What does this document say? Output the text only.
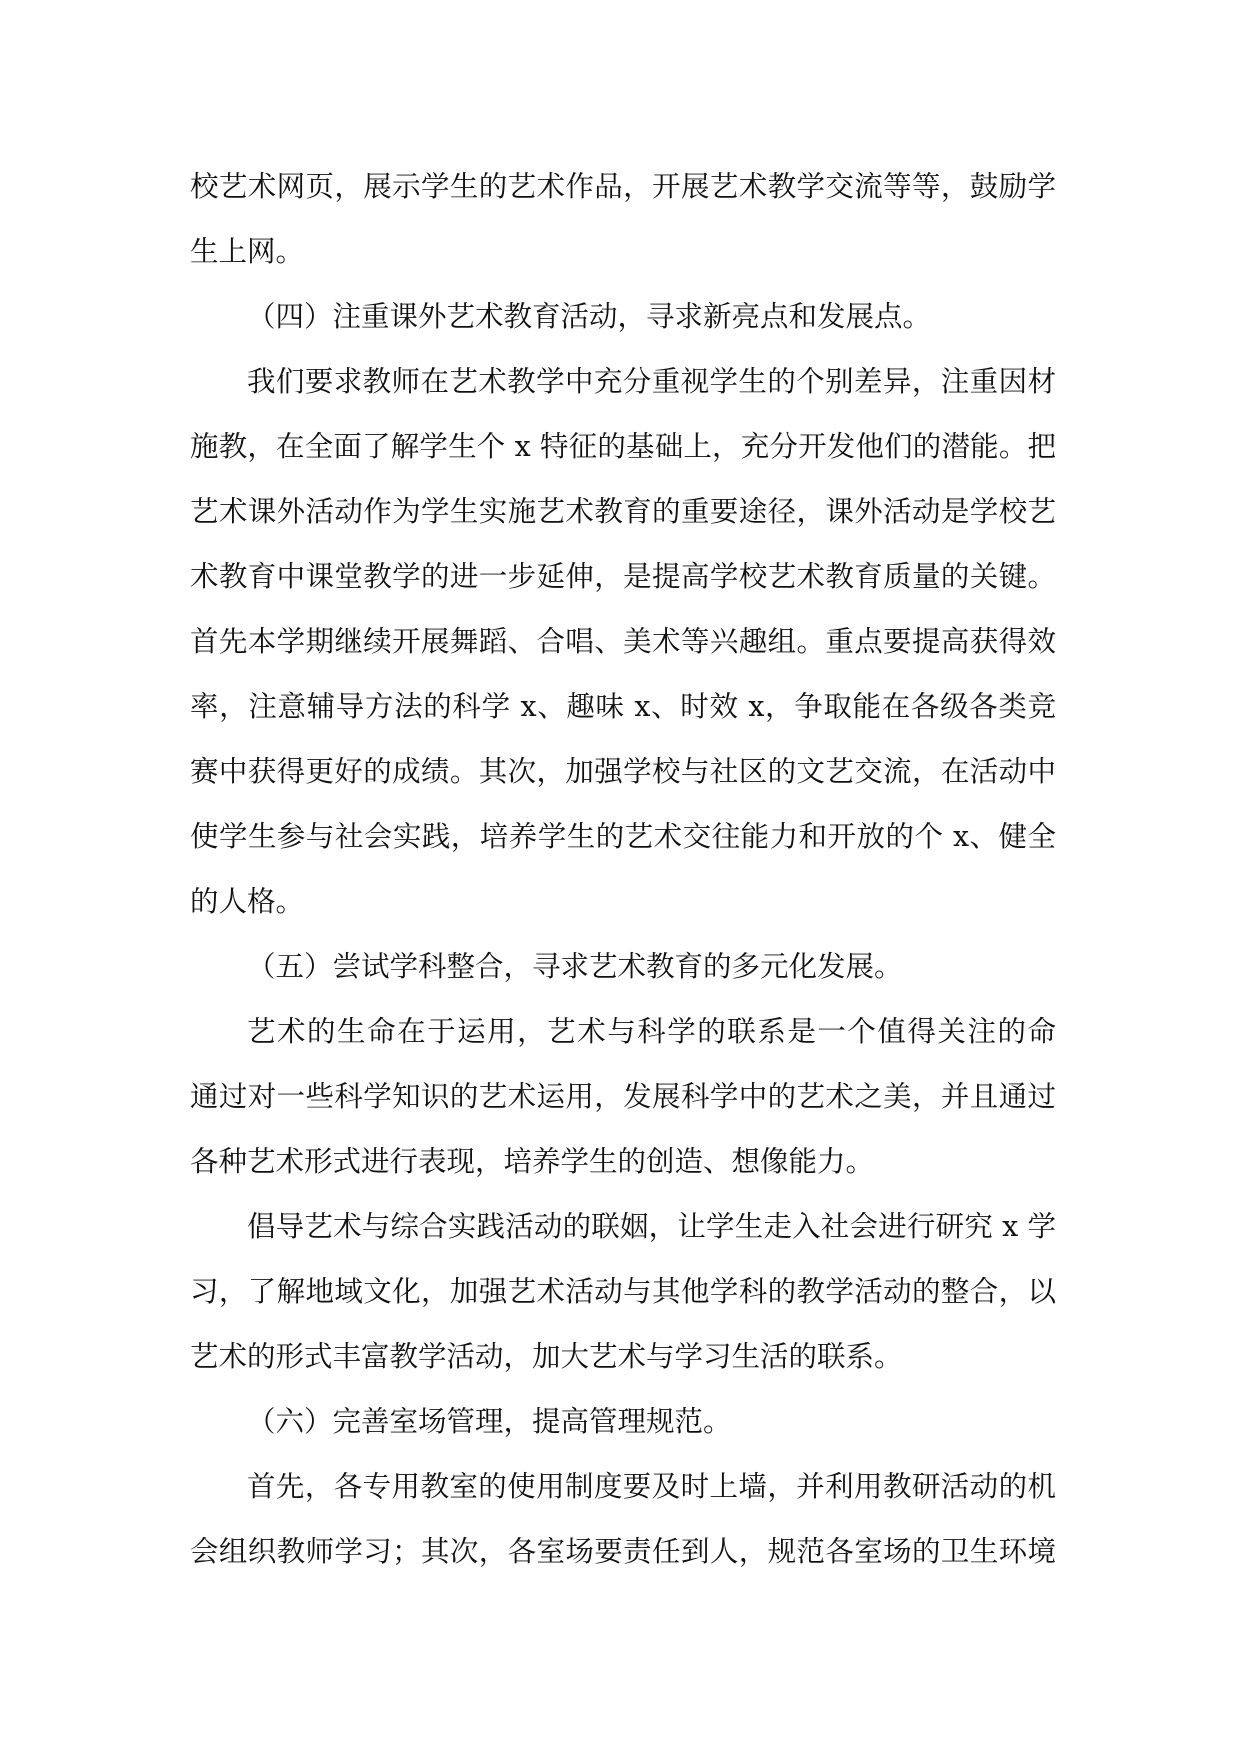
校艺术网页，展示学生的艺术作品，开展艺术教学交流等等，鼓励学
生上网。
（四）注重课外艺术教育活动，寻求新亮点和发展点。
我们要求教师在艺术教学中充分重视学生的个别差异，注重因材
施教，在全面了解学生个 x 特征的基础上，充分开发他们的潜能。把
艺术课外活动作为学生实施艺术教育的重要途径，课外活动是学校艺
术教育中课堂教学的进一步延伸，是提高学校艺术教育质量的关键。
首先本学期继续开展舞蹈、合唱、美术等兴趣组。重点要提高获得效
率，注意辅导方法的科学 x、趣味 x、时效 x，争取能在各级各类竞
赛中获得更好的成绩。其次，加强学校与社区的文艺交流，在活动中
使学生参与社会实践，培养学生的艺术交往能力和开放的个 x、健全
的人格。
（五）尝试学科整合，寻求艺术教育的多元化发展。
艺术的生命在于运用，艺术与科学的联系是一个值得关注的命
通过对一些科学知识的艺术运用，发展科学中的艺术之美，并且通过
各种艺术形式进行表现，培养学生的创造、想像能力。
倡导艺术与综合实践活动的联姻，让学生走入社会进行研究 x 学
习，了解地域文化，加强艺术活动与其他学科的教学活动的整合，以
艺术的形式丰富教学活动，加大艺术与学习生活的联系。
（六）完善室场管理，提高管理规范。
首先，各专用教室的使用制度要及时上墙，并利用教研活动的机
会组织教师学习；其次，各室场要责任到人，规范各室场的卫生环境
